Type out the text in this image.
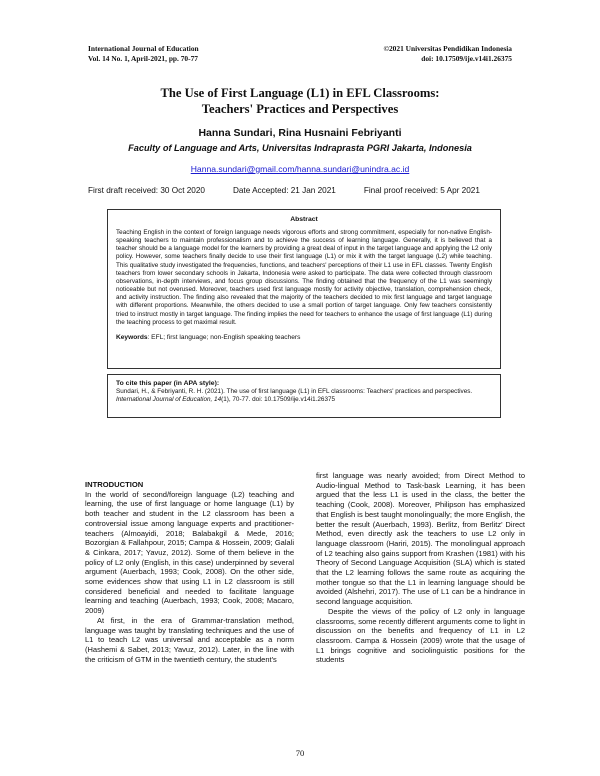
International Journal of Education
Vol. 14 No. 1, April-2021, pp. 70-77
©2021 Universitas Pendidikan Indonesia
doi: 10.17509/ije.v14i1.26375
The Use of First Language (L1) in EFL Classrooms:
Teachers' Practices and Perspectives
Hanna Sundari, Rina Husnaini Febriyanti
Faculty of Language and Arts, Universitas Indraprasta PGRI Jakarta, Indonesia
Hanna.sundari@gmail.com/hanna.sundari@unindra.ac.id
First draft received: 30 Oct 2020	Date Accepted: 21 Jan 2021	Final proof received: 5 Apr 2021

Abstract

Teaching English in the context of foreign language needs vigorous efforts and strong commitment, especially for non-native English-speaking teachers to maintain professionalism and to achieve the success of learning language. Generally, it is believed that a teacher should be a language model for the learners by providing a great deal of input in the target language and applying the L2 only policy. However, some teachers finally decide to use their first language (L1) or mix it with the target language (L2) while teaching. This qualitative study investigated the frequencies, functions, and teachers' perceptions of their L1 use in EFL classes. Twenty English teachers from lower secondary schools in Jakarta, Indonesia were asked to participate. The data were collected through classroom observations, in-depth interviews, and focus group discussions. The finding obtained that the frequency of the L1 was seemingly noticeable but not overused. Moreover, teachers used first language mostly for activity objective, translation, comprehension check, and activity instruction. The finding also revealed that the majority of the teachers decided to mix first language and target language with different proportions. Meanwhile, the others decided to use a small portion of target language. Only few teachers consistently tried to instruct mostly in target language. The finding implies the need for teachers to enhance the usage of first language (L1) during the teaching process to get maximal result.

Keywords: EFL; first language; non-English speaking teachers

To cite this paper (in APA style):

Sundari, H., & Febriyanti, R. H. (2021). The use of first language (L1) in EFL classrooms: Teachers' practices and perspectives. International Journal of Education, 14(1), 70-77. doi: 10.17509/ije.v14i1.26375

INTRODUCTION

In the world of second/foreign language (L2) teaching and learning, the use of first language or home language (L1) by both teacher and student in the L2 classroom has been a controversial issue among language experts and practitioner-teachers (Almoayidi, 2018; Balabakgil & Mede, 2016; Bozorgian & Fallahpour, 2015; Campa & Hossein, 2009; Galali & Cinkara, 2017; Yavuz, 2012). Some of them believe in the policy of L2 only (English, in this case) underpinned by several argument (Auerbach, 1993; Cook, 2008). On the other side, some evidences show that using L1 in L2 classroom is still considered beneficial and needed to facilitate language learning and teaching (Auerbach, 1993; Cook, 2008; Macaro, 2009)

At first, in the era of Grammar-translation method, language was taught by translating techniques and the use of L1 to teach L2 was universal and acceptable as a norm (Hashemi & Sabet, 2013; Yavuz, 2012). Later, in the line with the criticism of GTM in the twentieth century, the student's

first language was nearly avoided; from Direct Method to Audio-lingual Method to Task-bask Learning, it has been argued that the less L1 is used in the class, the better the teaching (Cook, 2008). Moreover, Philipson has emphasized that English is best taught monolingually; the more English, the better the result (Auerbach, 1993). Berlitz, from Berlitz' Direct Method, even directly ask the teachers to use L2 only in language classroom (Hariri, 2015). The monolingual approach of L2 teaching also gains support from Krashen (1981) with his Theory of Second Language Acquisition (SLA) which is stated that the L2 learning follows the same route as acquiring the mother tongue so that the L1 in learning language should be avoided (Alshehri, 2017). The use of L1 can be a hindrance in second language acquisition.

Despite the views of the policy of L2 only in language classrooms, some recently different arguments come to light in discussion on the benefits and frequency of L1 in L2 classroom. Campa & Hossein (2009) wrote that the usage of L1 brings cognitive and sociolinguistic positions for the students

70
